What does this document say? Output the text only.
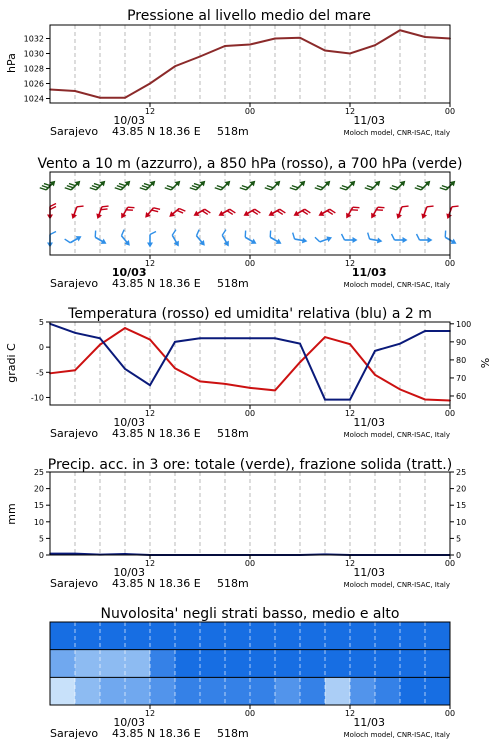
Pressione al livello medio del mare
hPa
1024
1026
1028
1030
1032
12	00	12	00
10/03	11/03
Sarajevo 43.85 N 18.36 E 518m	Moloch model, CNR-ISAC, Italy
Vento a 10 m (azzurro), a 850 hPa (rosso), a 700 hPa (verde)
12	00	12	00
10/03	11/03
Sarajevo 43.85 N 18.36 E 518m	Moloch model, CNR-ISAC, Italy
Temperatura (rosso) ed umidita' relativa (blu) a 2 m
gradi C	%
5
0
-5
-10
100
90
80
70
60
12	00	12	00
10/03	11/03
Sarajevo 43.85 N 18.36 E 518m	Moloch model, CNR-ISAC, Italy
Precip. acc. in 3 ore: totale (verde), frazione solida (tratt.)
mm
0
5
10
15
20
25
0
5
10
15
20
25
12	00	12	00
10/03	11/03
Sarajevo 43.85 N 18.36 E 518m	Moloch model, CNR-ISAC, Italy
Nuvolosita' negli strati basso, medio e alto
12	00	12	00
10/03	11/03
Sarajevo 43.85 N 18.36 E 518m	Moloch model, CNR-ISAC, Italy
